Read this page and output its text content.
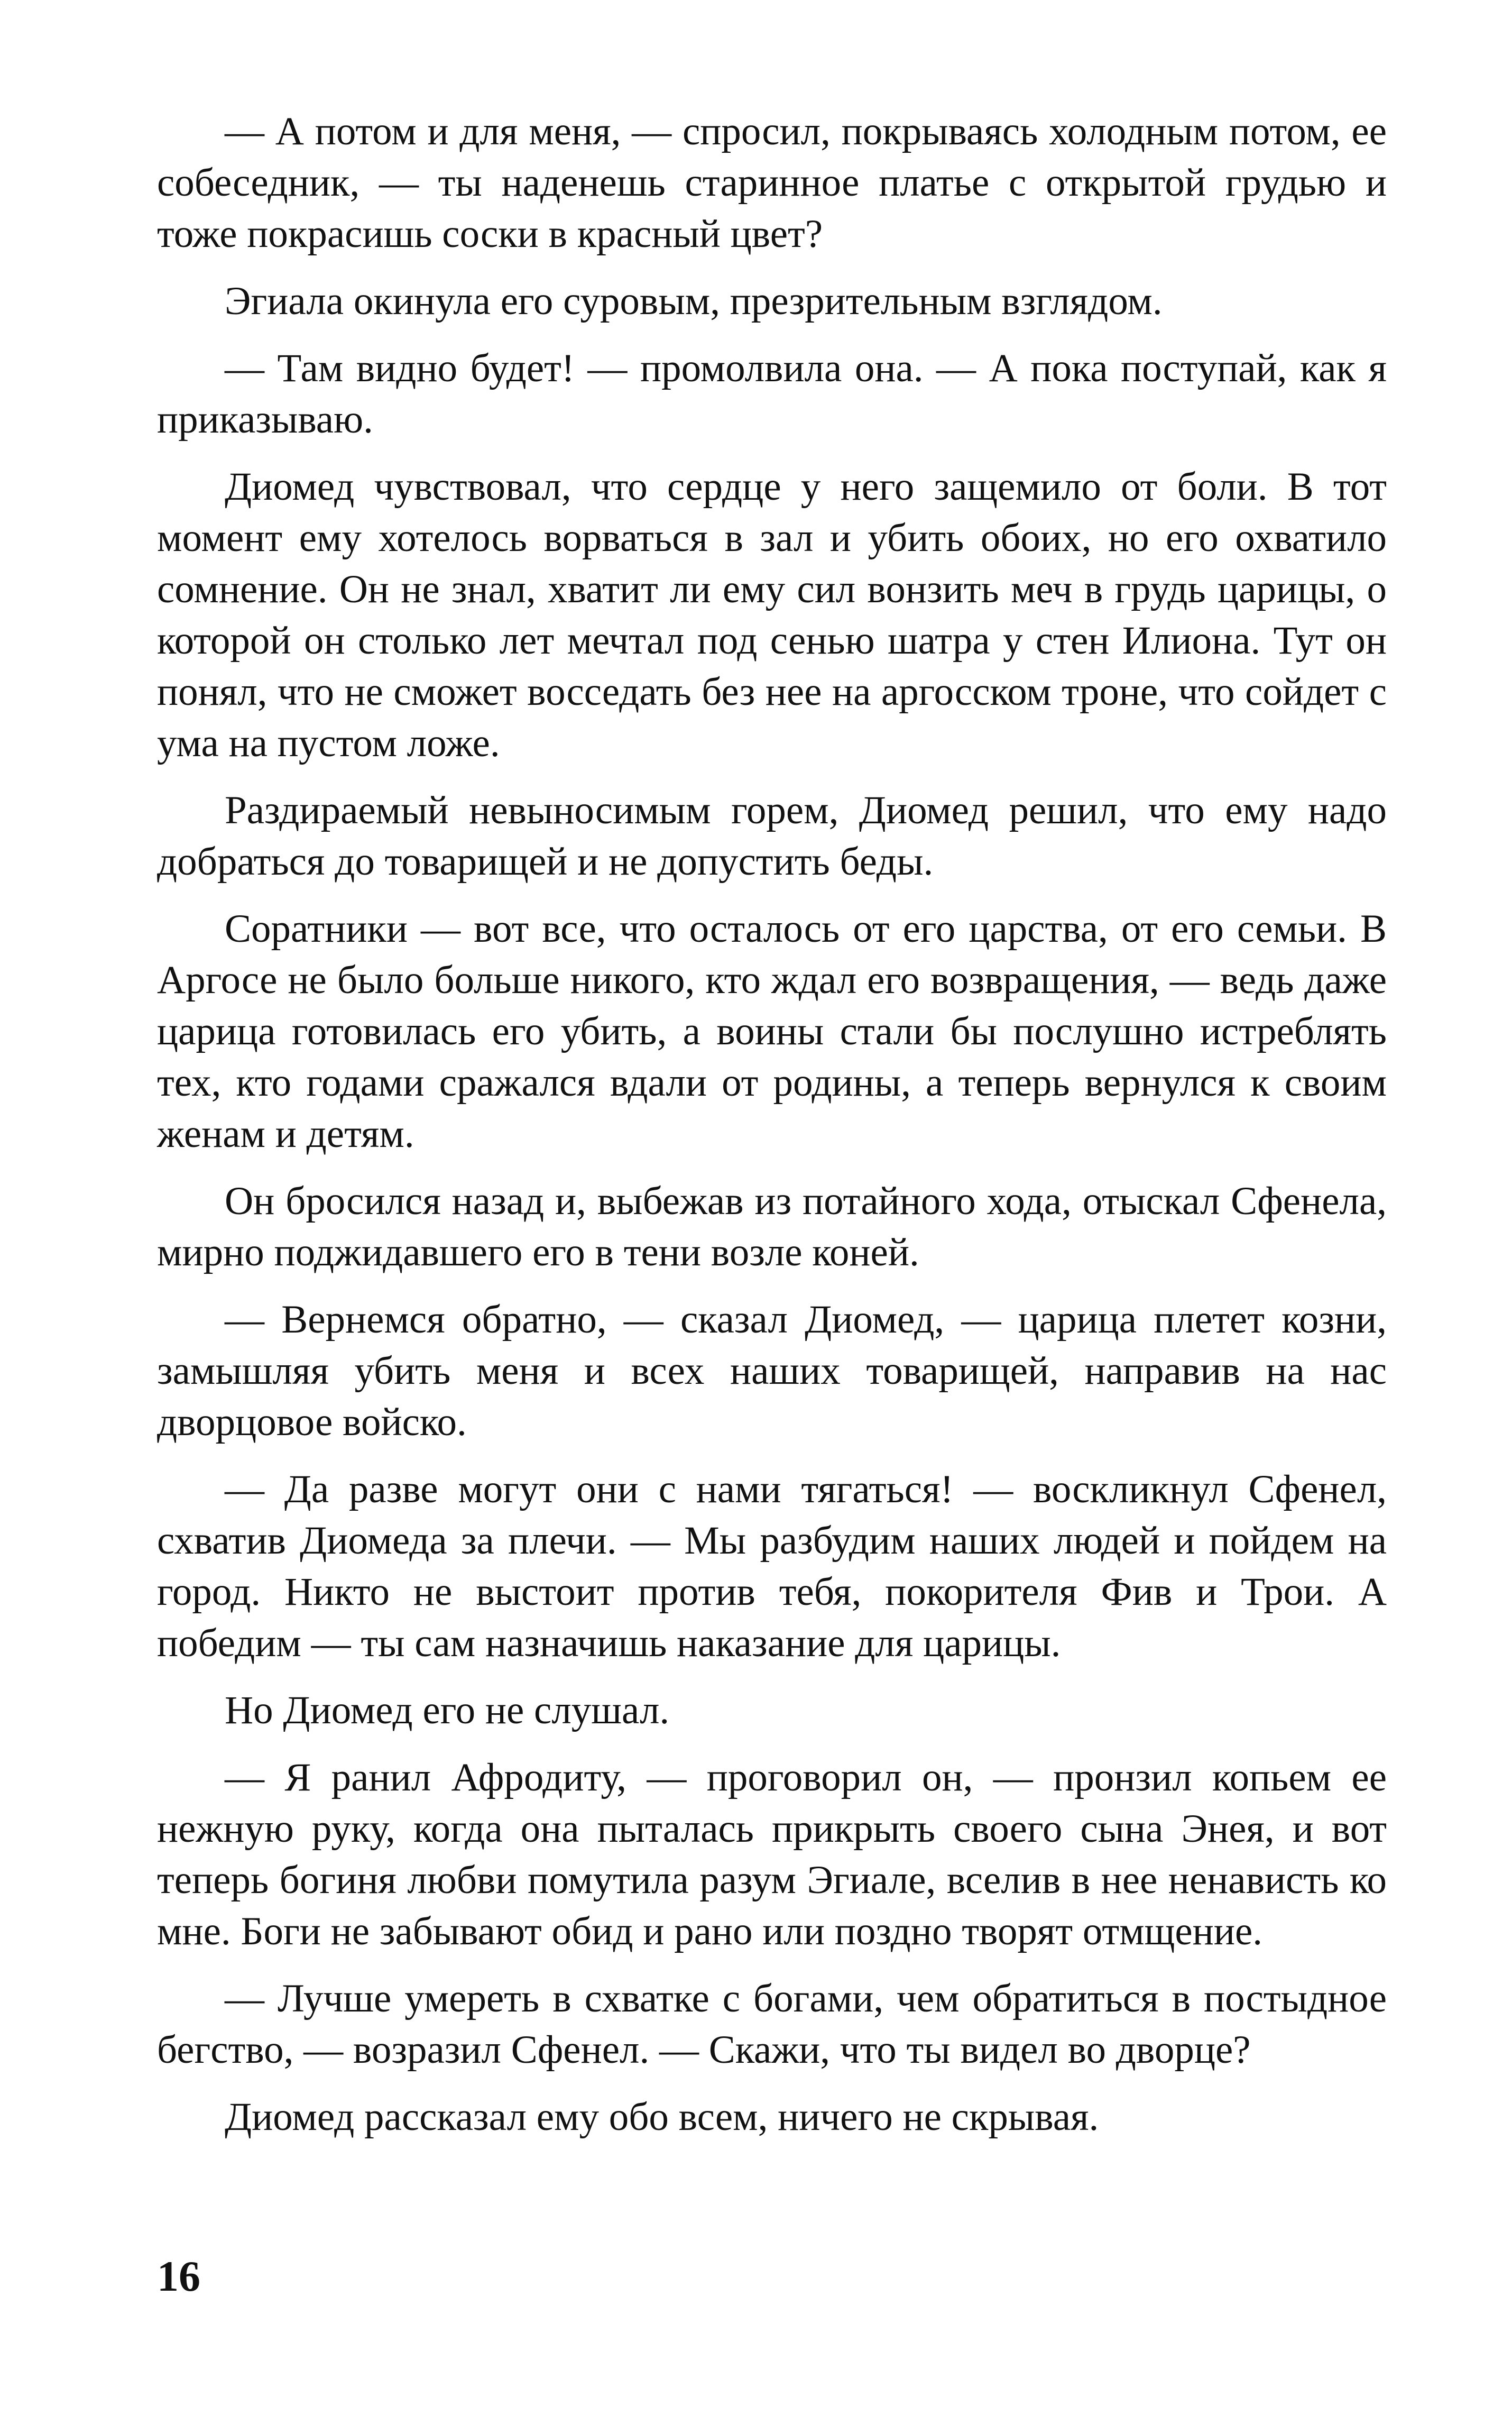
— А потом и для меня, — спросил, покрываясь холодным потом, ее собеседник, — ты наденешь старинное платье с открытой грудью и тоже покрасишь соски в красный цвет?

Эгиала окинула его суровым, презрительным взглядом.

— Там видно будет! — промолвила она. — А пока поступай, как я приказываю.

Диомед чувствовал, что сердце у него защемило от боли. В тот момент ему хотелось ворваться в зал и убить обоих, но его охватило сомнение. Он не знал, хватит ли ему сил вонзить меч в грудь царицы, о которой он столько лет мечтал под сенью шатра у стен Илиона. Тут он понял, что не сможет восседать без нее на аргосском троне, что сойдет с ума на пустом ложе.

Раздираемый невыносимым горем, Диомед решил, что ему надо добраться до товарищей и не допустить беды.

Соратники — вот все, что осталось от его царства, от его семьи. В Аргосе не было больше никого, кто ждал его возвращения, — ведь даже царица готовилась его убить, а воины стали бы послушно истреблять тех, кто годами сражался вдали от родины, а теперь вернулся к своим женам и детям.

Он бросился назад и, выбежав из потайного хода, отыскал Сфенела, мирно поджидавшего его в тени возле коней.

— Вернемся обратно, — сказал Диомед, — царица плетет козни, замышляя убить меня и всех наших товарищей, направив на нас дворцовое войско.

— Да разве могут они с нами тягаться! — воскликнул Сфенел, схватив Диомеда за плечи. — Мы разбудим наших людей и пойдем на город. Никто не выстоит против тебя, покорителя Фив и Трои. А победим — ты сам назначишь наказание для царицы.

Но Диомед его не слушал.

— Я ранил Афродиту, — проговорил он, — пронзил копьем ее нежную руку, когда она пыталась прикрыть своего сына Энея, и вот теперь богиня любви помутила разум Эгиале, вселив в нее ненависть ко мне. Боги не забывают обид и рано или поздно творят отмщение.

— Лучше умереть в схватке с богами, чем обратиться в постыдное бегство, — возразил Сфенел. — Скажи, что ты видел во дворце?

Диомед рассказал ему обо всем, ничего не скрывая.

16
